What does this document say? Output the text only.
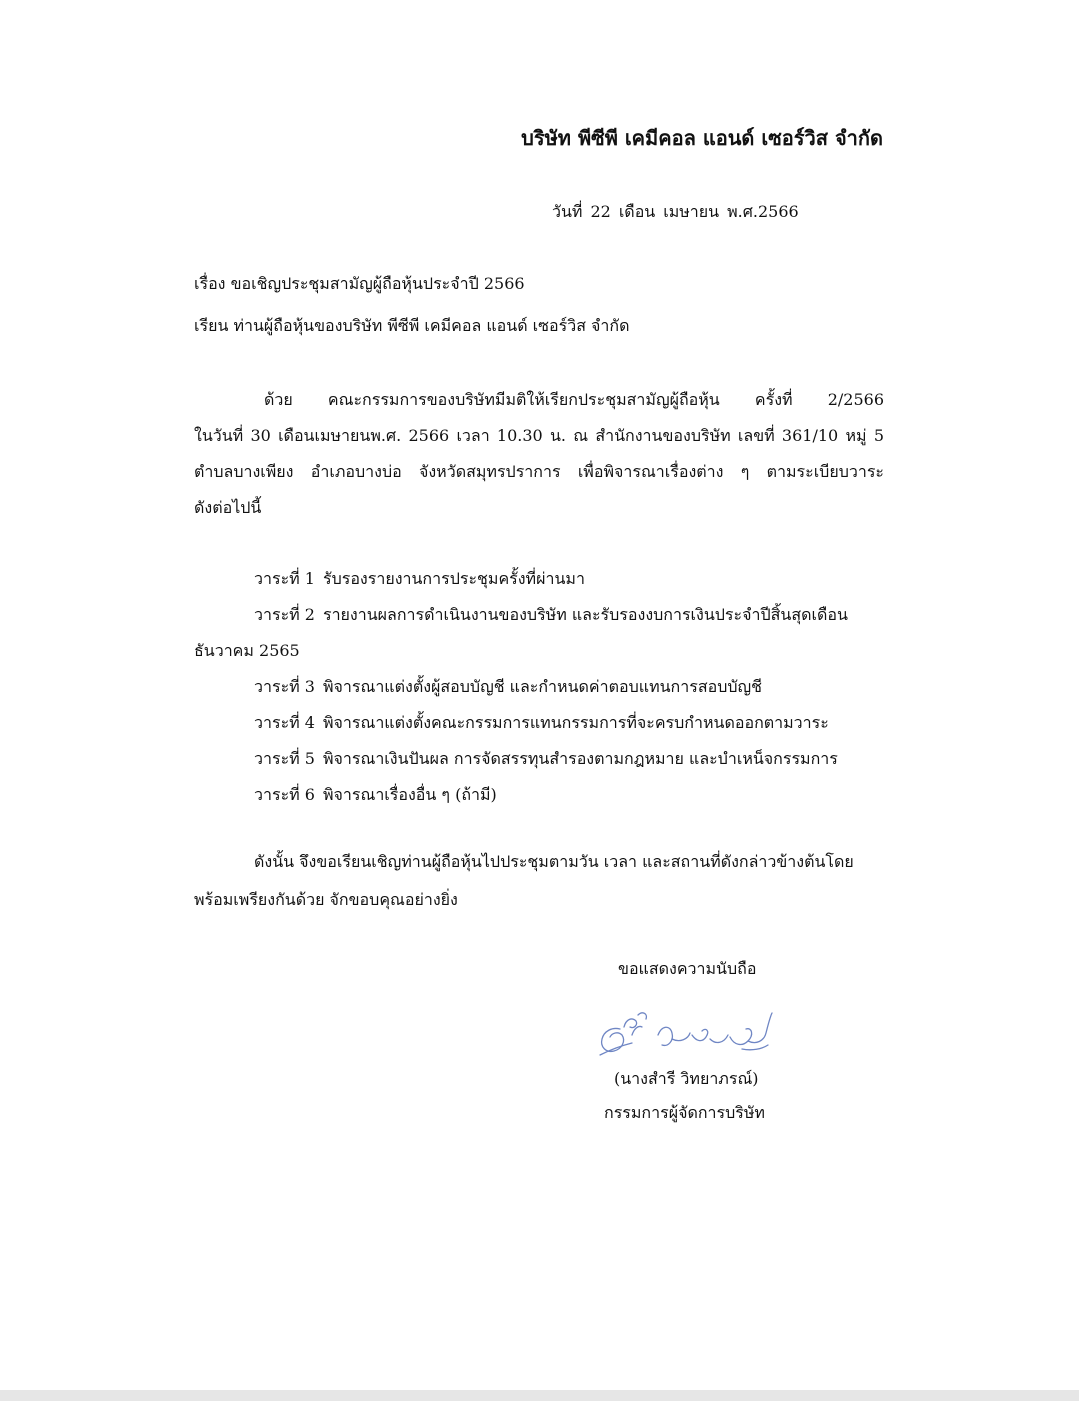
บริษัท พีซีพี เคมีคอล แอนด์ เซอร์วิส จำกัด
วันที่ 22 เดือน เมษายน พ.ศ.2566
เรื่อง ขอเชิญประชุมสามัญผู้ถือหุ้นประจำปี 2566
เรียน ท่านผู้ถือหุ้นของบริษัท พีซีพี เคมีคอล แอนด์ เซอร์วิส จำกัด
ด้วย คณะกรรมการของบริษัทมีมติให้เรียกประชุมสามัญผู้ถือหุ้น ครั้งที่ 2/2566
ในวันที่ 30 เดือนเมษายนพ.ศ. 2566 เวลา 10.30 น. ณ สำนักงานของบริษัท เลขที่ 361/10 หมู่ 5
ตำบลบางเพียง อำเภอบางบ่อ จังหวัดสมุทรปราการ เพื่อพิจารณาเรื่องต่าง ๆ ตามระเบียบวาระ
ดังต่อไปนี้
วาระที่ 1 รับรองรายงานการประชุมครั้งที่ผ่านมา
วาระที่ 2 รายงานผลการดำเนินงานของบริษัท และรับรองงบการเงินประจำปีสิ้นสุดเดือน
ธันวาคม 2565
วาระที่ 3 พิจารณาแต่งตั้งผู้สอบบัญชี และกำหนดค่าตอบแทนการสอบบัญชี
วาระที่ 4 พิจารณาแต่งตั้งคณะกรรมการแทนกรรมการที่จะครบกำหนดออกตามวาระ
วาระที่ 5 พิจารณาเงินปันผล การจัดสรรทุนสำรองตามกฎหมาย และบำเหน็จกรรมการ
วาระที่ 6 พิจารณาเรื่องอื่น ๆ (ถ้ามี)
ดังนั้น จึงขอเรียนเชิญท่านผู้ถือหุ้นไปประชุมตามวัน เวลา และสถานที่ดังกล่าวข้างต้นโดย
พร้อมเพรียงกันด้วย จักขอบคุณอย่างยิ่ง
ขอแสดงความนับถือ
(นางสำรี วิทยาภรณ์)
กรรมการผู้จัดการบริษัท
